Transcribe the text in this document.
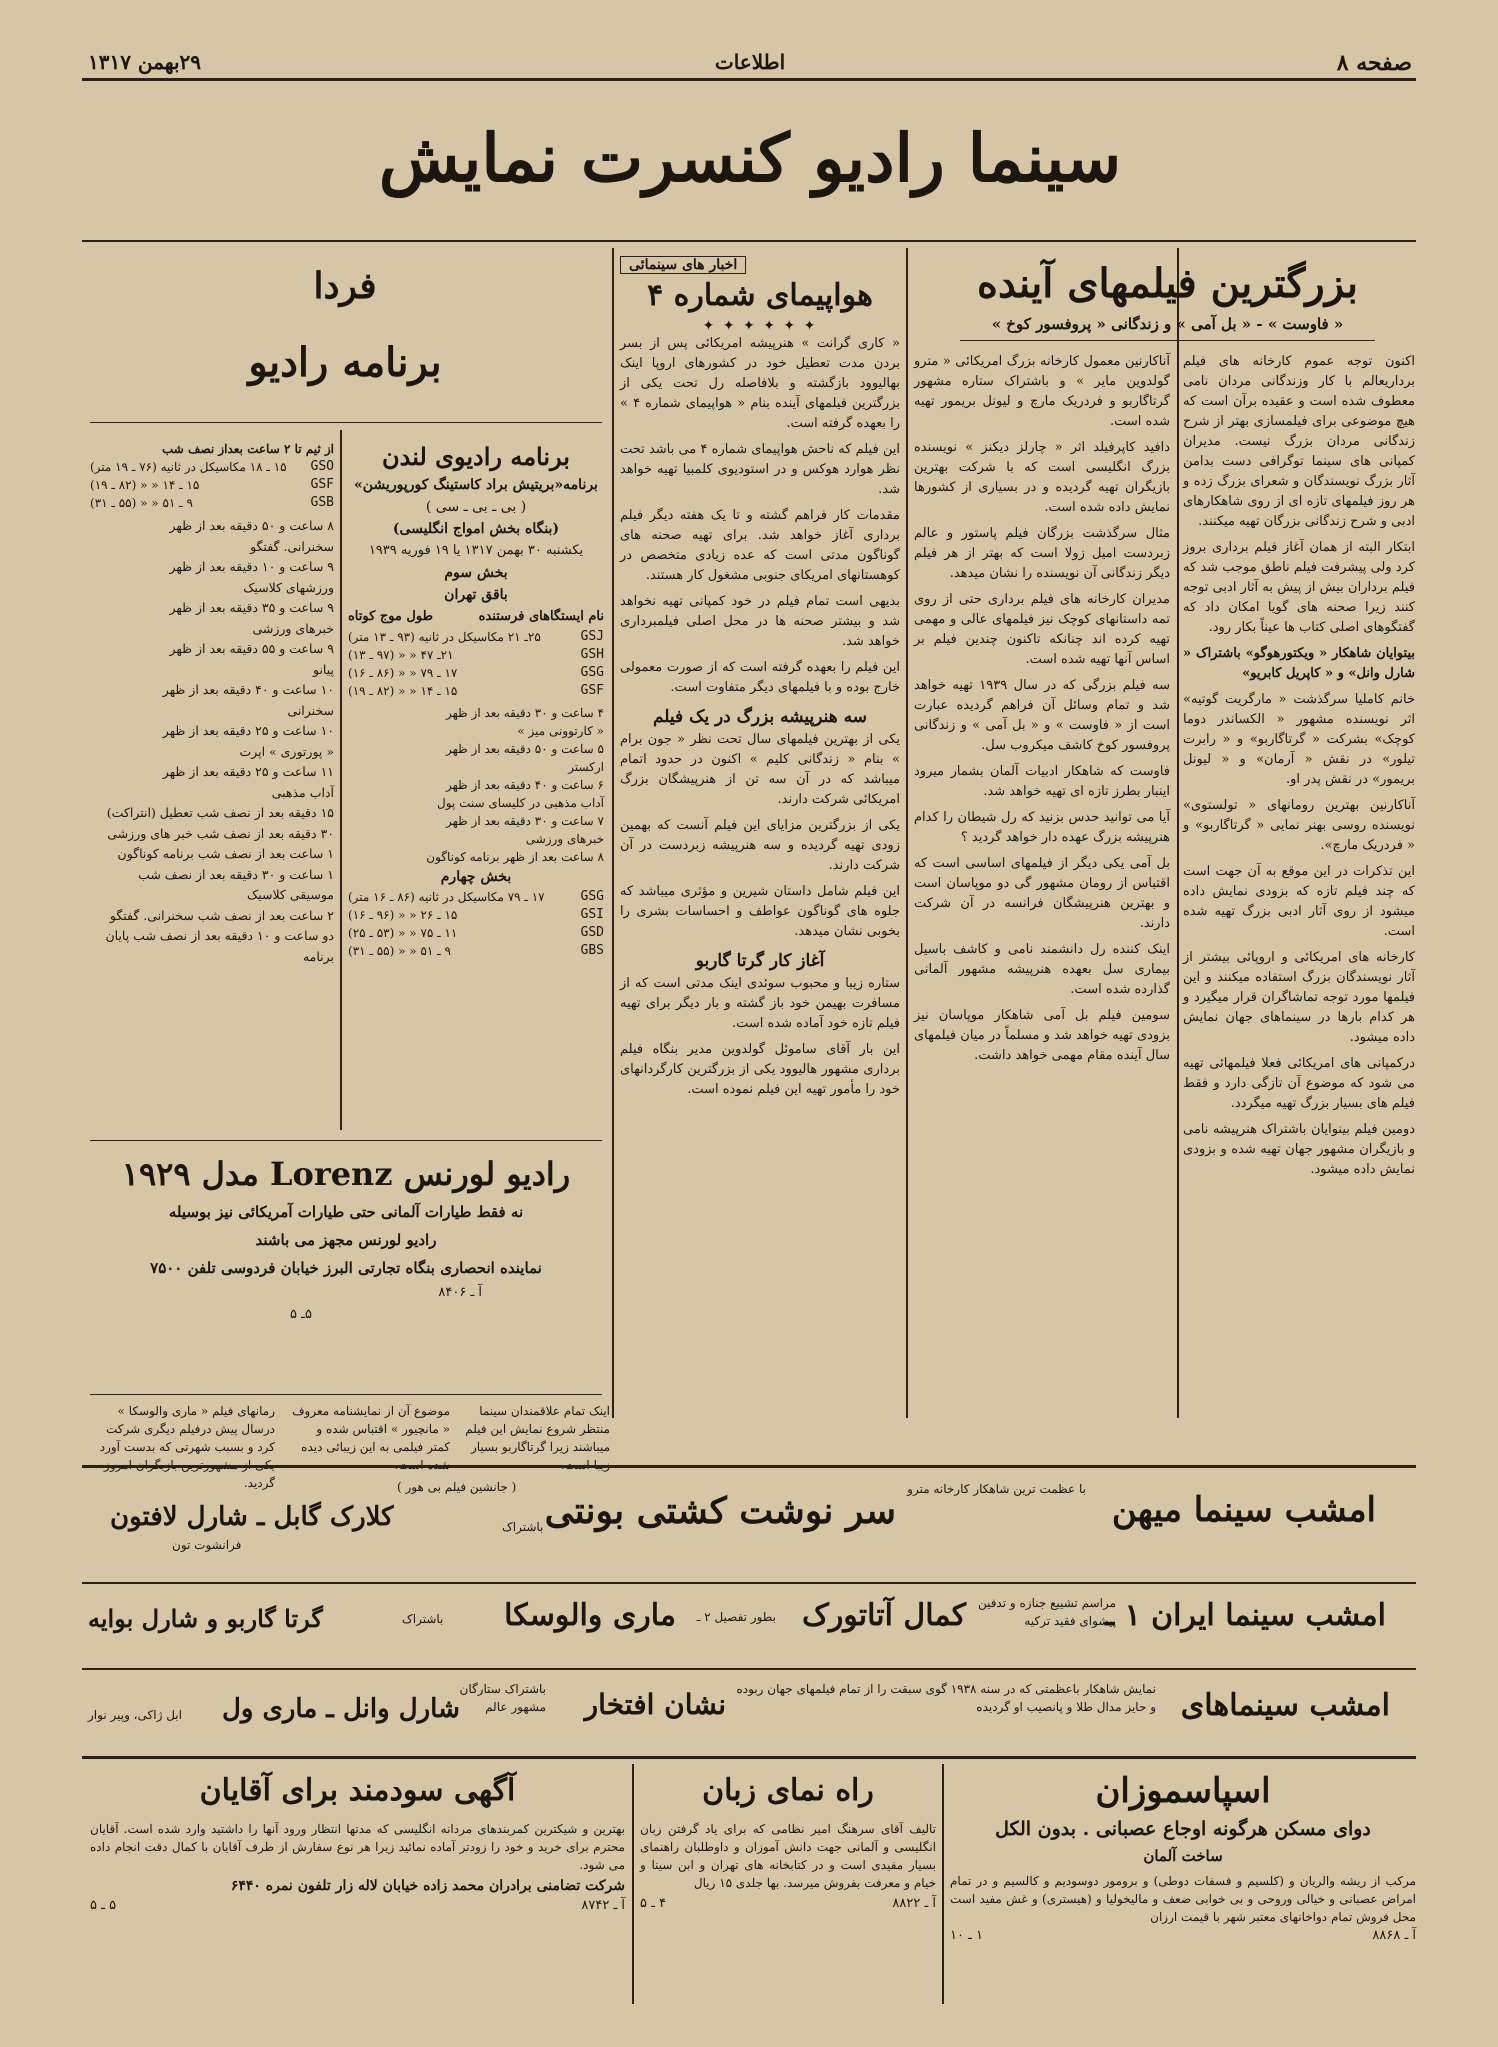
صفحه ۸
اطلاعات
۲۹بهمن ۱۳۱۷
سینما رادیو کنسرت نمایش
بزرگترین فیلمهای آینده
« فاوست » - « بل آمی » و زندگانی « پروفسور کوخ »

اکنون توجه عموم کارخانه های فیلم برداریعالم با کار وزندگانی مردان نامی معطوف شده است و عقیده برآن است که هیچ موضوعی برای فیلمسازی بهتر از شرح زندگانی مردان بزرگ نیست. مدیران کمپانی های سینما توگرافی دست بدامن آثار بزرگ نویسندگان و شعرای بزرگ زده و هر روز فیلمهای تازه ای از روی شاهکارهای ادبی و شرح زندگانی بزرگان تهیه میکنند.

ابتکار البته از همان آغاز فیلم برداری بروز کرد ولی پیشرفت فیلم ناطق موجب شد که فیلم برداران بیش از پیش به آثار ادبی توجه کنند زیرا صحنه های گویا امکان داد که گفتگوهای اصلی کتاب ها عیناً بکار رود.

بیتوایان شاهکار « ویکتورهوگو» باشتراک « شارل وانل» و « کاپریل کابریو»

خانم کاملیا سرگذشت « مارگریت گوتیه» اثر نویسنده مشهور « الکساندر دوما کوچک» بشرکت « گرتاگاربو» و « رابرت تیلور» در نقش « آرمان» و « لیونل بریمور» در نقش پدر او.

آناکارنین بهترین رومانهای « تولستوی» نویسنده روسی بهنر نمایی « گرتاگاربو» و « فردریک مارچ».

این تذکرات در این موقع به آن جهت است که چند فیلم تازه که بزودی نمایش داده میشود از روی آثار ادبی بزرگ تهیه شده است.

کارخانه های امریکائی و اروپائی بیشتر از آثار نویسندگان بزرگ استفاده میکنند و این فیلمها مورد توجه تماشاگران قرار میگیرد و هر کدام بارها در سینماهای جهان نمایش داده میشود.

درکمپانی های امریکائی فعلا فیلمهائی تهیه می شود که موضوع آن تازگی دارد و فقط فیلم های بسیار بزرگ تهیه میگردد.

دومین فیلم بینوایان باشتراک هنرپیشه نامی و بازیگران مشهور جهان تهیه شده و بزودی نمایش داده میشود.

آناکارنین معمول کارخانه بزرگ امریکائی « مترو گولدوین مایر » و باشتراک ستاره مشهور گرتاگاربو و فردریک مارچ و لیونل بریمور تهیه شده است.

دافید کاپرفیلد اثر « چارلز دیکنز » نویسنده بزرگ انگلیسی است که با شرکت بهترین بازیگران تهیه گردیده و در بسیاری از کشورها نمایش داده شده است.

مثال سرگذشت بزرگان فیلم پاستور و عالم زبردست امیل زولا است که بهتر از هر فیلم دیگر زندگانی آن نویسنده را نشان میدهد.

مدیران کارخانه های فیلم برداری حتی از روی تمه داستانهای کوچک نیز فیلمهای عالی و مهمی تهیه کرده اند چنانکه تاکنون چندین فیلم بر اساس آنها تهیه شده است.

سه فیلم بزرگی که در سال ۱۹۳۹ تهیه خواهد شد و تمام وسائل آن فراهم گردیده عبارت است از « فاوست » و « بل آمی » و زندگانی پروفسور کوخ کاشف میکروب سل.

فاوست که شاهکار ادبیات آلمان بشمار میرود اینبار بطرز تازه ای تهیه خواهد شد.

آیا می توانید حدس بزنید که رل شیطان را کدام هنرپیشه بزرگ عهده دار خواهد گردید ؟

بل آمی یکی دیگر از فیلمهای اساسی است که اقتباس از رومان مشهور گی دو موپاسان است و بهترین هنرپیشگان فرانسه در آن شرکت دارند.

اینک کننده رل دانشمند نامی و کاشف باسیل بیماری سل بعهده هنرپیشه مشهور آلمانی گذارده شده است.

سومین فیلم بل آمی شاهکار موپاسان نیز بزودی تهیه خواهد شد و مسلماً در میان فیلمهای سال آینده مقام مهمی خواهد داشت.

اخبار های سینمائی
هواپیمای شماره ۴
✦ ✦ ✦ ✦ ✦ ✦

« کاری گرانت » هنرپیشه امریکائی پس از بسر بردن مدت تعطیل خود در کشورهای اروپا اینک بهالیوود بازگشته و بلافاصله رل تحت یکی از بزرگترین فیلمهای آینده بنام « هواپیمای شماره ۴ » را بعهده گرفته است.

این فیلم که ناحش هواپیمای شماره ۴ می باشد تحت نظر هوارد هوکس و در استودیوی کلمبیا تهیه خواهد شد.

مقدمات کار فراهم گشته و تا یک هفته دیگر فیلم برداری آغاز خواهد شد. برای تهیه صحنه های گوناگون مدتی است که عده زیادی متخصص در کوهستانهای امریکای جنوبی مشغول کار هستند.

بدیهی است تمام فیلم در خود کمپانی تهیه نخواهد شد و بیشتر صحنه ها در محل اصلی فیلمبرداری خواهد شد.

این فیلم را بعهده گرفته است که از صورت معمولی خارج بوده و با فیلمهای دیگر متفاوت است.

سه هنرپیشه بزرگ در یک فیلم

یکی از بهترین فیلمهای سال تحت نظر « جون برام » بنام « زندگانی کلیم » اکنون در حدود اتمام میباشد که در آن سه تن از هنرپیشگان بزرگ امریکائی شرکت دارند.

یکی از بزرگترین مزایای این فیلم آنست که بهمین زودی تهیه گردیده و سه هنرپیشه زبردست در آن شرکت دارند.

این فیلم شامل داستان شیرین و مؤثری میباشد که جلوه های گوناگون عواطف و احساسات بشری را بخوبی نشان میدهد.

آغاز کار گرتا گاربو

ستاره زیبا و محبوب سوئدی اینک مدتی است که از مسافرت بهیمن خود باز گشته و بار دیگر برای تهیه فیلم تازه خود آماده شده است.

این بار آقای ساموئل گولدوین مدیر بنگاه فیلم برداری مشهور هالیوود یکی از بزرگترین کارگردانهای خود را مأمور تهیه این فیلم نموده است.

فردا
برنامه رادیو
برنامه رادیوی لندن
برنامه«بریتیش براد کاستینگ کورپوریشن»
( بی ـ بی ـ سی )
(بنگاه بخش امواج انگلیسی)
یکشنبه ۳۰ بهمن ۱۳۱۷ یا ۱۹ فوریه ۱۹۳۹
بخش سوم
باقق تهران
نام ایستگاهای فرستنده
طول موج کوتاه
GSJ
۲۵ـ ۲۱ مکاسیکل در ثانیه (۹۳ ـ ۱۳ متر)
GSH
۲۱ـ ۴۷ « « (۹۷ ـ ۱۳)
GSG
۱۷ ـ ۷۹ « « (۸۶ ـ ۱۶)
GSF
۱۵ ـ ۱۴ « « (۸۲ ـ ۱۹)
۴ ساعت و ۳۰ دقیقه بعد از ظهر
« کارتوونی میز »
۵ ساعت و ۵۰ دقیقه بعد از ظهر
ارکستر
۶ ساعت و ۴۰ دقیقه بعد از ظهر
آداب مذهبی در کلیسای سنت پول
۷ ساعت و ۳۰ دقیقه بعد از ظهر
خبرهای ورزشی
۸ ساعت بعد از ظهر برنامه کوناگون
بخش چهارم
GSG
۱۷ ـ ۷۹ مکاسیکل در ثانیه (۸۶ ـ ۱۶ متر)
GSI
۱۵ ـ ۲۶ « « (۹۶ ـ ۱۶)
GSD
۱۱ ـ ۷۵ « « (۵۳ ـ ۲۵)
GBS
۹ ـ ۵۱ « « (۵۵ ـ ۳۱)
از ثیم تا ۲ ساعت بعداز نصف شب
GSO
۱۵ ـ ۱۸ مکاسیکل در ثانیه (۷۶ ـ ۱۹ متر)
GSF
۱۵ ـ ۱۴ « « (۸۲ ـ ۱۹)
GSB
۹ ـ ۵۱ « « (۵۵ ـ ۳۱)
۸ ساعت و ۵۰ دقیقه بعد از ظهر
سخنرانی. گفتگو
۹ ساعت و ۱۰ دقیقه بعد از ظهر
ورزشهای کلاسیک
۹ ساعت و ۳۵ دقیقه بعد از ظهر
خبرهای ورزشی
۹ ساعت و ۵۵ دقیقه بعد از ظهر
پیانو
۱۰ ساعت و ۴۰ دقیقه بعد از ظهر
سخنرانی
۱۰ ساعت و ۲۵ دقیقه بعد از ظهر
« پورتوری » اپرت
۱۱ ساعت و ۲۵ دقیقه بعد از ظهر
آداب مذهبی
۱۵ دقیقه بعد از نصف شب تعطیل (انتراکت)
۳۰ دقیقه بعد از نصف شب خبر های ورزشی
۱ ساعت بعد از نصف شب برنامه کوناگون
۱ ساعت و ۳۰ دقیقه بعد از نصف شب موسیقی کلاسیک
۲ ساعت بعد از نصف شب سخنرانی. گفتگو
دو ساعت و ۱۰ دقیقه بعد از نصف شب پایان برنامه
رادیو لورنس Lorenz مدل ۱۹۲۹
نه فقط طیارات آلمانی حتی طیارات آمریکائی نیز بوسیله
رادیو لورنس مجهز می باشند
نماینده انحصاری بنگاه تجارتی البرز خیابان فردوسی تلفن ۷۵۰۰
آ ـ ۸۴۰۶
۵ـ ۵
رمانهای فیلم « ماری والوسکا » درسال پیش درفیلم دیگری شرکت کرد و بسبب شهرتی که بدست آورد گردید.
موضوع آن از نمایشنامه معروف « مانچیور » اقتباس شده و کمتر فیلمی به این زیبائی دیده
اینک تمام علاقمندان سینما منتظر شروع نمایش این فیلم میباشند زیرا گرتاگاربو بسیار
امشب سینما میهن
با عظمت ترین شاهکار کارخانه مترو
سر نوشت کشتی بونتی
( جانشین فیلم بی هور )
باشتراک
کلارک گابل ـ شارل لافتون
فرانشوت تون
امشب سینما ایران ۱ ـ
مراسم تشییع جنازه و تدفین پیشوای فقید ترکیه
کمال آتاتورک
بطور تفصیل ۲ ـ
ماری والوسکا
باشتراک
گرتا گاربو و شارل بوایه
امشب سینماهای
نمایش شاهکار باعظمتی که در سنه ۱۹۳۸ گوی سبقت را از تمام فیلمهای جهان ربوده و حایز مدال طلا و پانصیب او گردیده
نشان افتخار
باشتراک ستارگان مشهور عالم
شارل وانل ـ ماری ول
ابل ژاکی، وپیر نوار
اسپاسموزان
دوای مسکن هرگونه اوجاع عصبانی . بدون الکل
ساخت آلمان
مرکب از ریشه والریان و (کلسیم و فسفات دوطی) و برومور دوسودیم و کالسیم و در تمام امراض عصبانی و خیالی وروحی و بی خوابی ضعف و ماليخوليا و (هیستری) و غش مفید است محل فروش تمام دواخانهای معتبر شهر با قیمت ارزان
آ ـ ۸۸۶۸
۱ ـ ۱۰
راه نمای زبان
تالیف آقای سرهنگ امیر نظامی که برای یاد گرفتن زبان انگلیسی و آلمانی جهت دانش آموزان و داوطلبان راهنمای بسیار مفیدی است و در کتابخانه های تهران و ابن سینا و خیام و معرفت بفروش میرسد. بها جلدی ۱۵ ریال
آ ـ ۸۸۲۲
۴ ـ ۵
آگهی سودمند برای آقایان
بهترین و شیکترین کمربندهای مردانه انگلیسی که مدتها انتظار ورود آنها را داشتید وارد شده است. آقایان محترم برای خرید و خود را زودتر آماده نمائید زیرا هر نوع سفارش از طرف آقایان با کمال دقت انجام داده می شود.
شرکت تضامنی برادران محمد زاده خیابان لاله زار تلفون نمره ۶۴۴۰
آ ـ ۸۷۴۲
۵ ـ ۵
